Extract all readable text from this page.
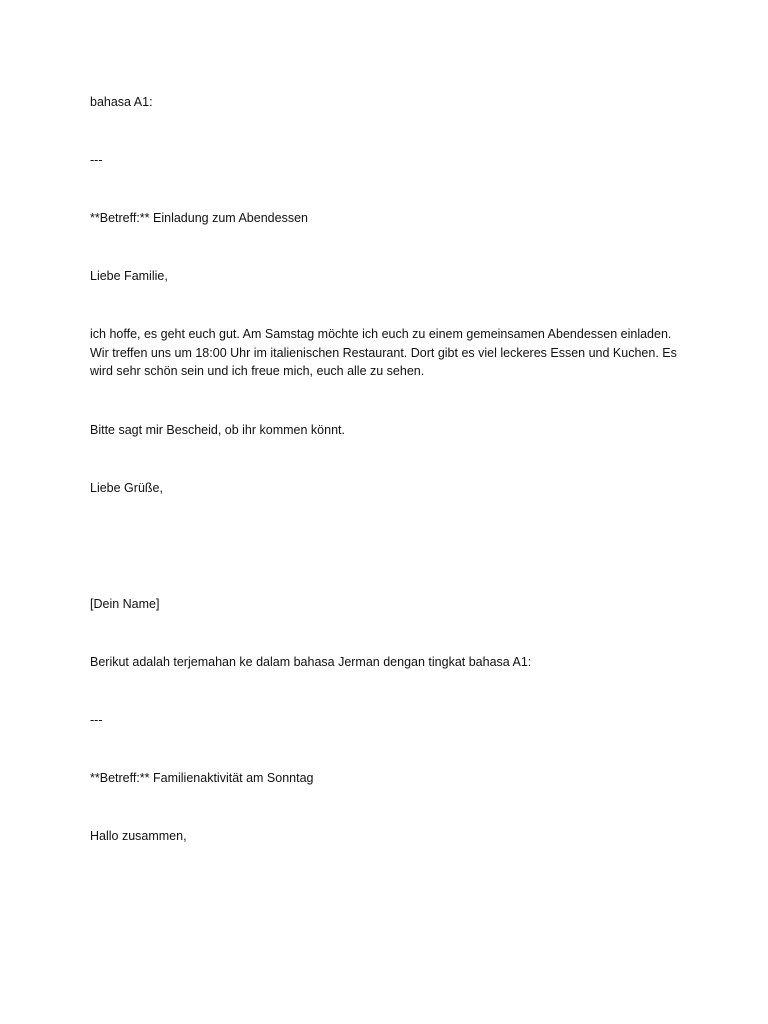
bahasa A1:

---

**Betreff:** Einladung zum Abendessen

Liebe Familie,

ich hoffe, es geht euch gut. Am Samstag möchte ich euch zu einem gemeinsamen Abendessen einladen. Wir treffen uns um 18:00 Uhr im italienischen Restaurant. Dort gibt es viel leckeres Essen und Kuchen. Es wird sehr schön sein und ich freue mich, euch alle zu sehen.

Bitte sagt mir Bescheid, ob ihr kommen könnt.

Liebe Grüße,

[Dein Name]

Berikut adalah terjemahan ke dalam bahasa Jerman dengan tingkat bahasa A1:

---

**Betreff:** Familienaktivität am Sonntag

Hallo zusammen,
